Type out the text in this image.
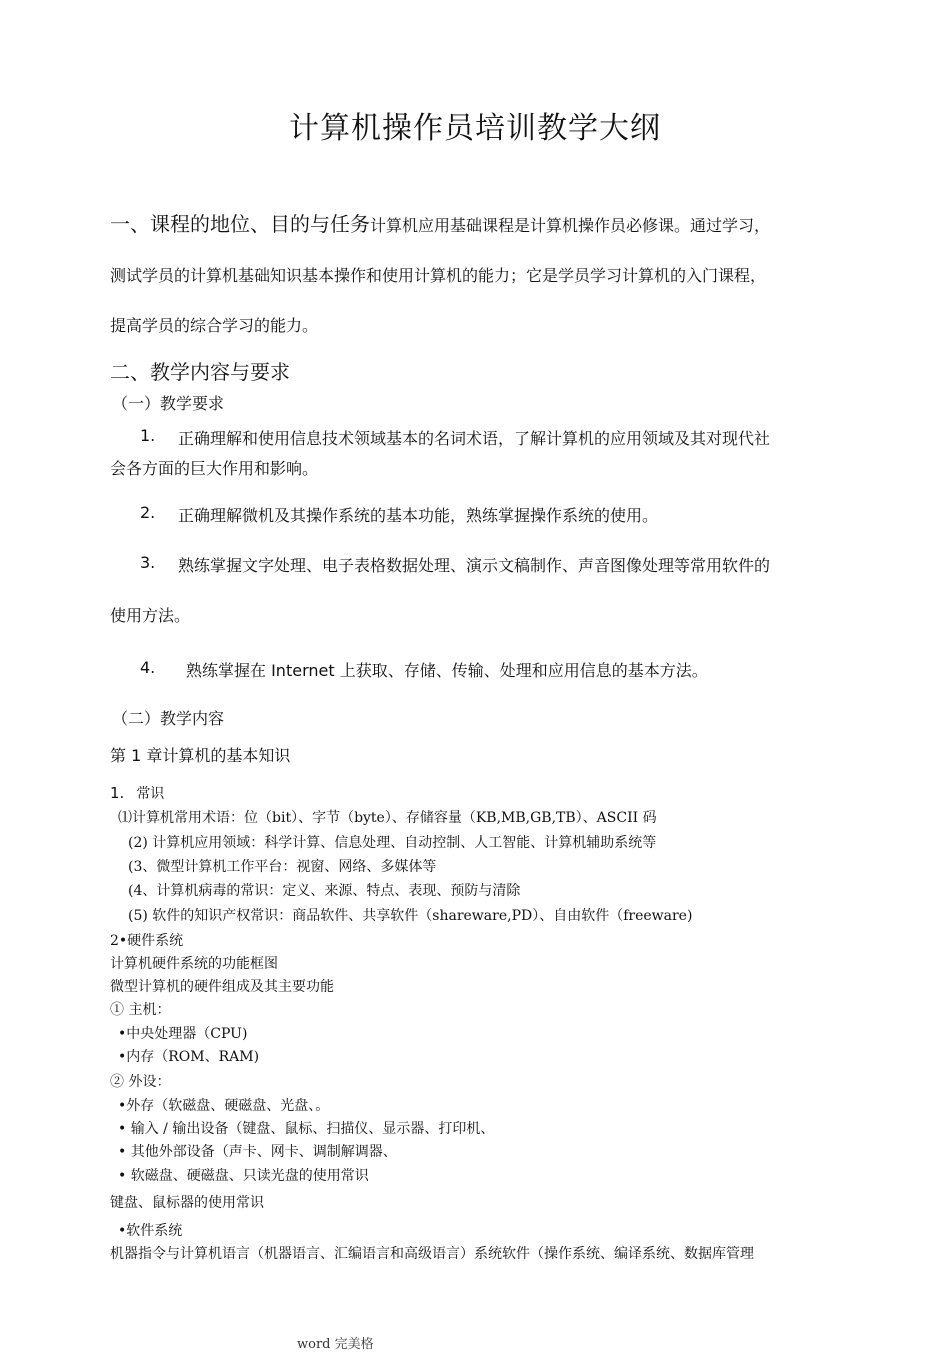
计算机操作员培训教学大纲
一、课程的地位、目的与任务计算机应用基础课程是计算机操作员必修课。通过学习，
测试学员的计算机基础知识基本操作和使用计算机的能力；它是学员学习计算机的入门课程，
提高学员的综合学习的能力。
二、教学内容与要求
（一）教学要求
1. 正确理解和使用信息技术领域基本的名词术语，了解计算机的应用领域及其对现代社
会各方面的巨大作用和影响。
2. 正确理解微机及其操作系统的基本功能，熟练掌握操作系统的使用。
3. 熟练掌握文字处理、电子表格数据处理、演示文稿制作、声音图像处理等常用软件的
使用方法。
4. 熟练掌握在 Internet 上获取、存储、传输、处理和应用信息的基本方法。
（二）教学内容
第 1 章计算机的基本知识
1. 常识
⑴计算机常用术语：位（bit）、字节（byte）、存储容量（KB,MB,GB,TB）、ASCII 码
(2) 计算机应用领域：科学计算、信息处理、自动控制、人工智能、计算机辅助系统等
(3、微型计算机工作平台：视窗、网络、多媒体等
(4、计算机病毒的常识：定义、来源、特点、表现、预防与清除
(5) 软件的知识产权常识：商品软件、共享软件（shareware,PD）、自由软件（freeware)
2•硬件系统
计算机硬件系统的功能框图
微型计算机的硬件组成及其主要功能
① 主机：
•中央处理器（CPU)
•内存（ROM、RAM)
② 外设：
•外存（软磁盘、硬磁盘、光盘、。
• 输入 / 输出设备（键盘、鼠标、扫描仪、显示器、打印机、
• 其他外部设备（声卡、网卡、调制解调器、
• 软磁盘、硬磁盘、只读光盘的使用常识
键盘、鼠标器的使用常识
•软件系统
机器指令与计算机语言（机器语言、汇编语言和高级语言）系统软件（操作系统、编译系统、数据库管理
word 完美格
